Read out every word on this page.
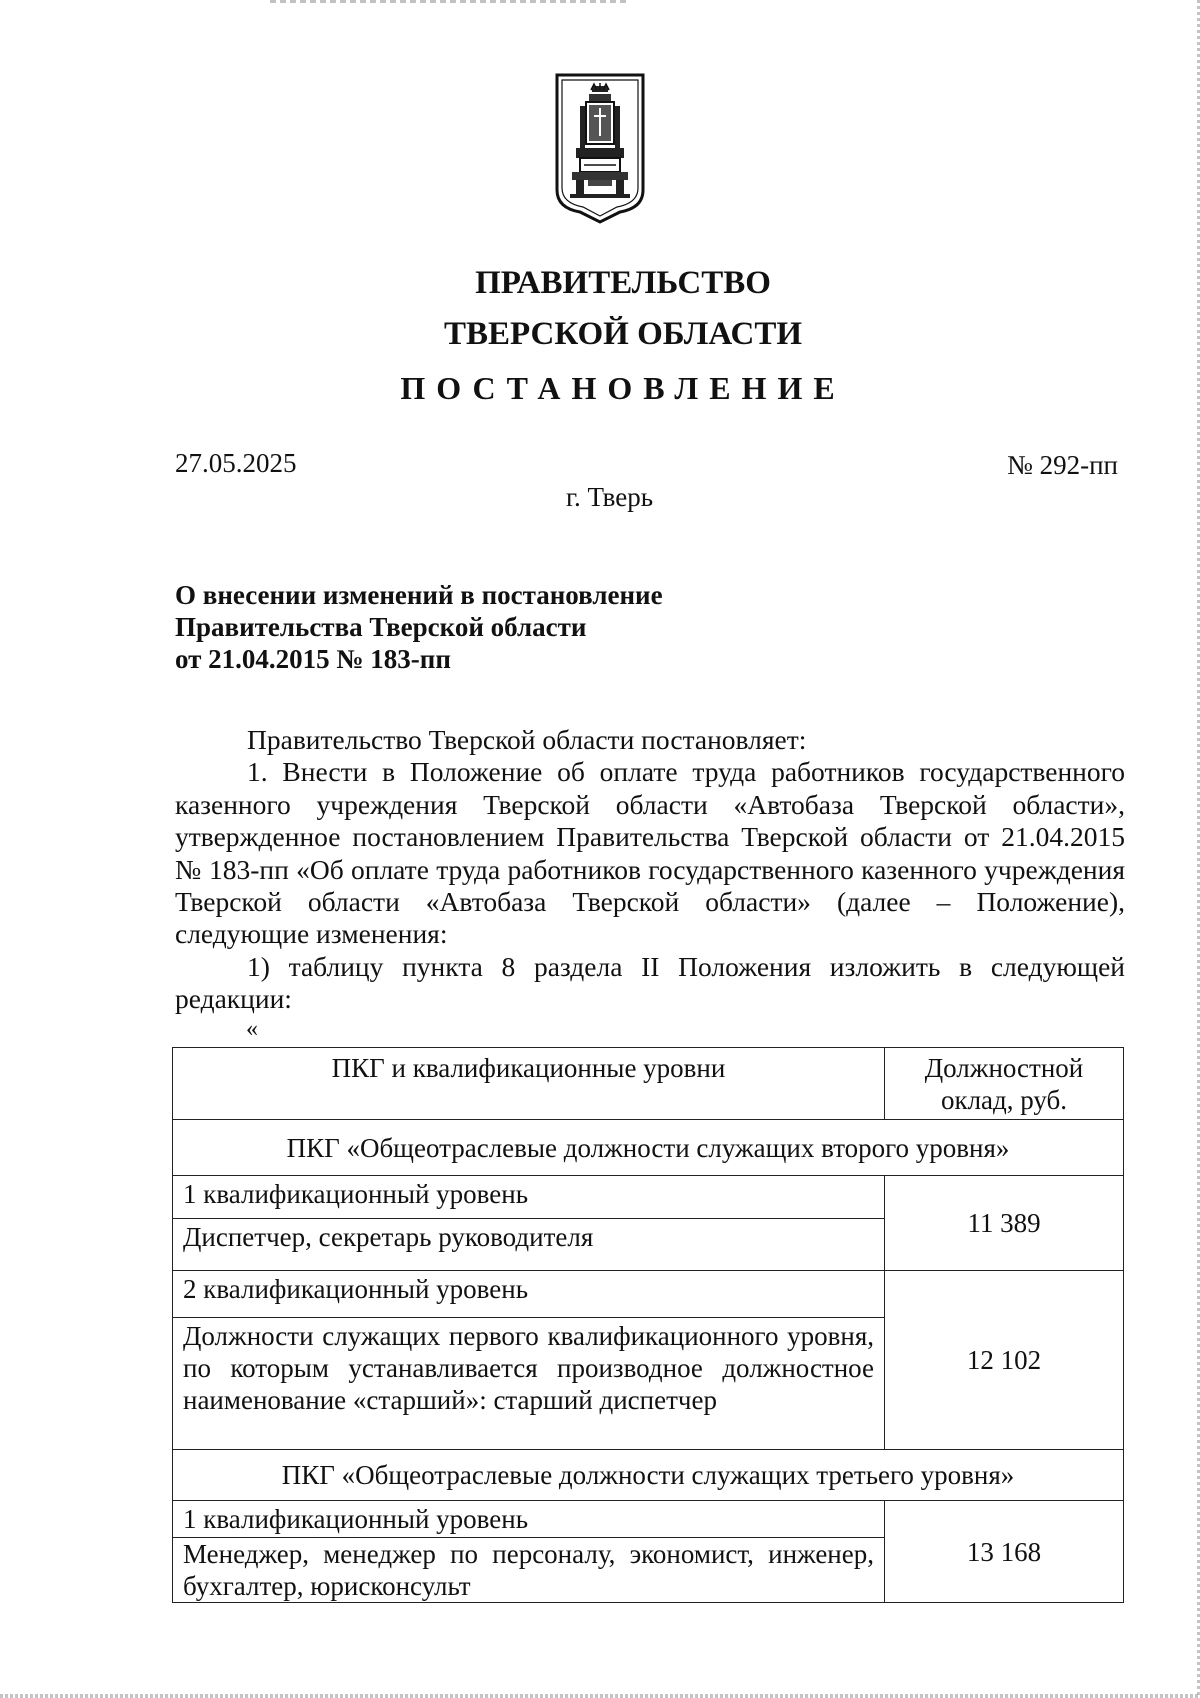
ПРАВИТЕЛЬСТВО
ТВЕРСКОЙ ОБЛАСТИ
ПОСТАНОВЛЕНИЕ
27.05.2025	№ 292-пп
г. Тверь
О внесении изменений в постановление
Правительства Тверской области
от 21.04.2015 № 183-пп

Правительство Тверской области постановляет:

1. Внести в Положение об оплате труда работников государственного казенного учреждения Тверской области «Автобаза Тверской области», утвержденное постановлением Правительства Тверской области от 21.04.2015 № 183-пп «Об оплате труда работников государственного казенного учреждения Тверской области «Автобаза Тверской области» (далее – Положение), следующие изменения:

1) таблицу пункта 8 раздела II Положения изложить в следующей редакции:

«
ПКГ и квалификационные уровни	Должностной оклад, руб.
ПКГ «Общеотраслевые должности служащих второго уровня»	
1 квалификационный уровень	11 389
Диспетчер, секретарь руководителя	
2 квалификационный уровень	12 102
Должности служащих первого квалификационного уровня, по которым устанавливается производное должностное наименование «старший»: старший диспетчер	
ПКГ «Общеотраслевые должности служащих третьего уровня»	
1 квалификационный уровень	13 168
Менеджер, менеджер по персоналу, экономист, инженер, бухгалтер, юрисконсульт	
